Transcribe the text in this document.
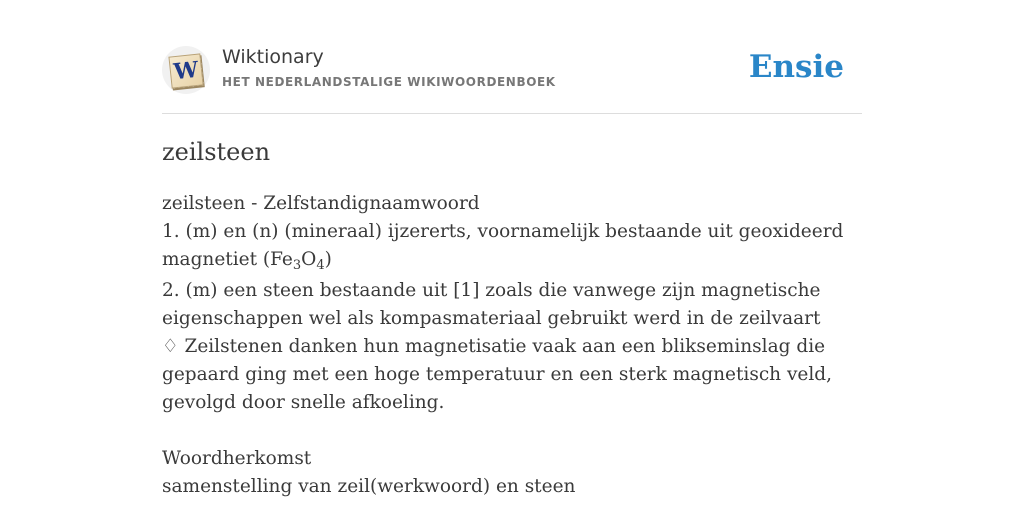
W Wiktionary
HET NEDERLANDSTALIGE WIKIWOORDENBOEK	Ensie
zeilsteen

zeilsteen - Zelfstandignaamwoord

1. (m) en (n) (mineraal) ijzererts, voornamelijk bestaande uit geoxideerd magnetiet $(Fe_3O_4)$

2. (m) een steen bestaande uit [1] zoals die vanwege zijn magnetische eigenschappen wel als kompasmateriaal gebruikt werd in de zeilvaart

♢ Zeilstenen danken hun magnetisatie vaak aan een blikseminslag die gepaard ging met een hoge temperatuur en een sterk magnetisch veld, gevolgd door snelle afkoeling.

Woordherkomst

samenstelling van zeil(werkwoord) en steen
